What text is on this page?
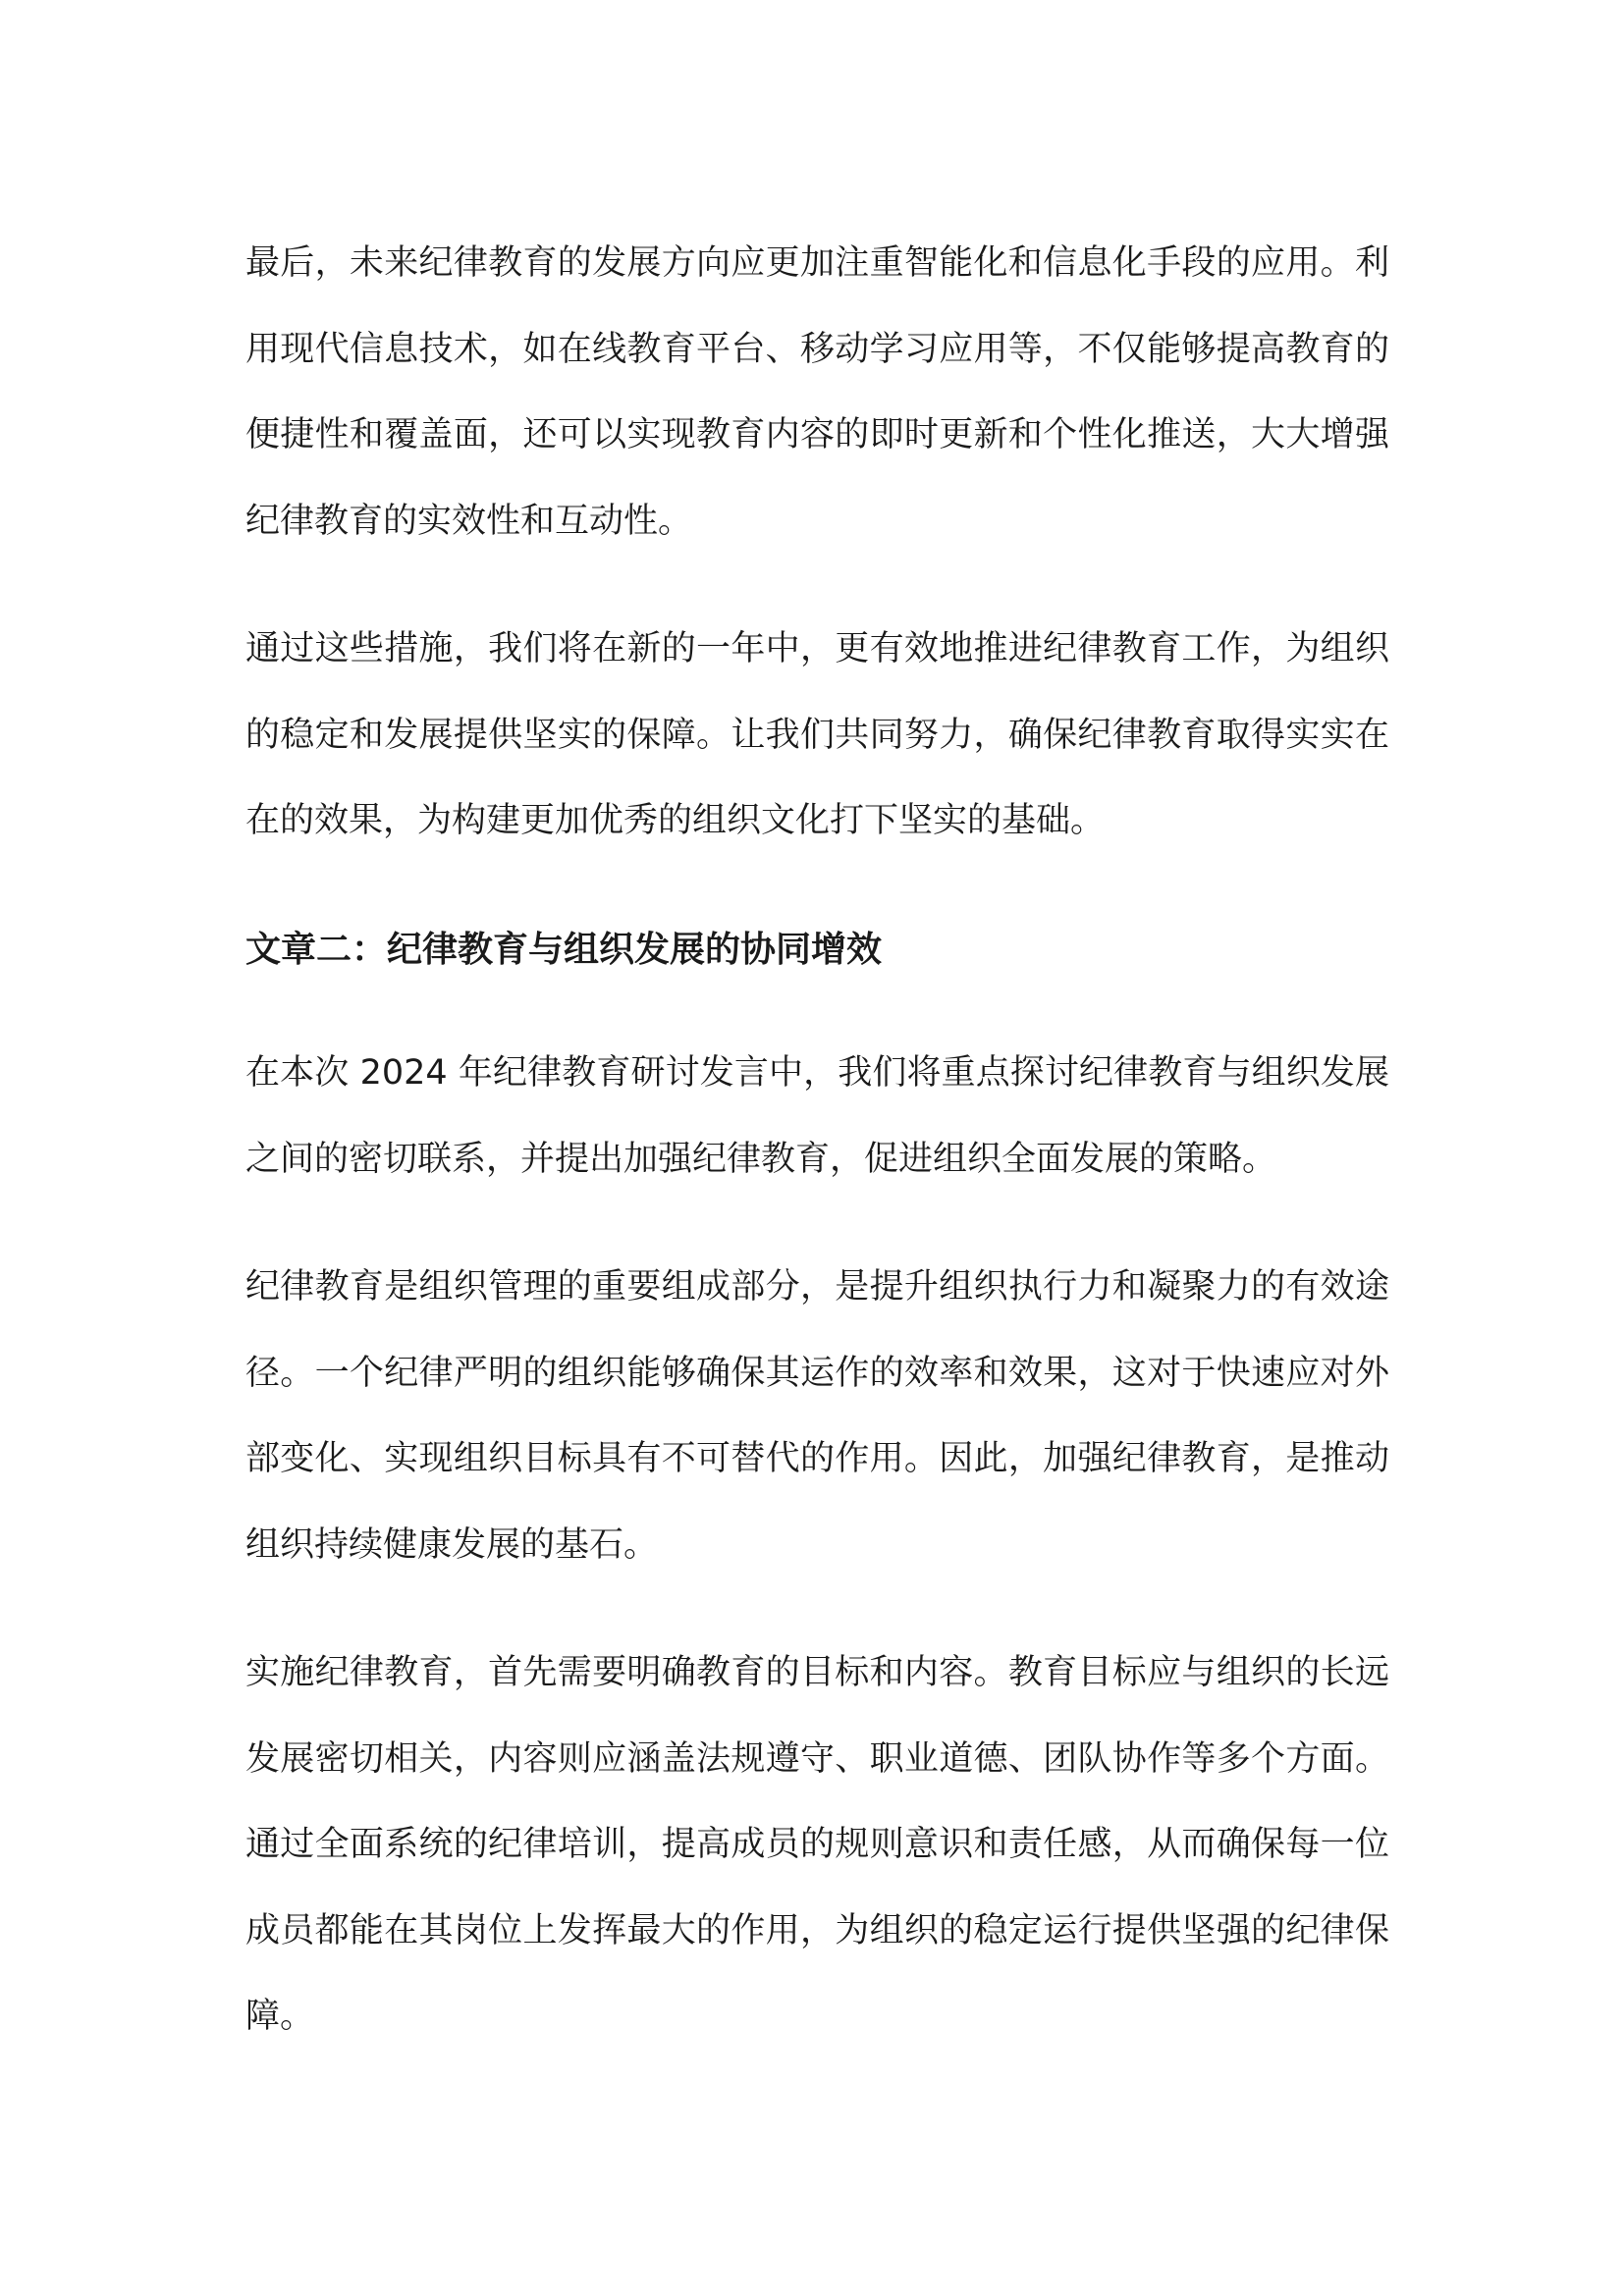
最后，未来纪律教育的发展方向应更加注重智能化和信息化手段的应用。利用现代信息技术，如在线教育平台、移动学习应用等，不仅能够提高教育的便捷性和覆盖面，还可以实现教育内容的即时更新和个性化推送，大大增强纪律教育的实效性和互动性。

通过这些措施，我们将在新的一年中，更有效地推进纪律教育工作，为组织的稳定和发展提供坚实的保障。让我们共同努力，确保纪律教育取得实实在在的效果，为构建更加优秀的组织文化打下坚实的基础。

文章二：纪律教育与组织发展的协同增效

在本次 2024 年纪律教育研讨发言中，我们将重点探讨纪律教育与组织发展之间的密切联系，并提出加强纪律教育，促进组织全面发展的策略。

纪律教育是组织管理的重要组成部分，是提升组织执行力和凝聚力的有效途径。一个纪律严明的组织能够确保其运作的效率和效果，这对于快速应对外部变化、实现组织目标具有不可替代的作用。因此，加强纪律教育，是推动组织持续健康发展的基石。

实施纪律教育，首先需要明确教育的目标和内容。教育目标应与组织的长远发展密切相关，内容则应涵盖法规遵守、职业道德、团队协作等多个方面。通过全面系统的纪律培训，提高成员的规则意识和责任感，从而确保每一位成员都能在其岗位上发挥最大的作用，为组织的稳定运行提供坚强的纪律保障。
